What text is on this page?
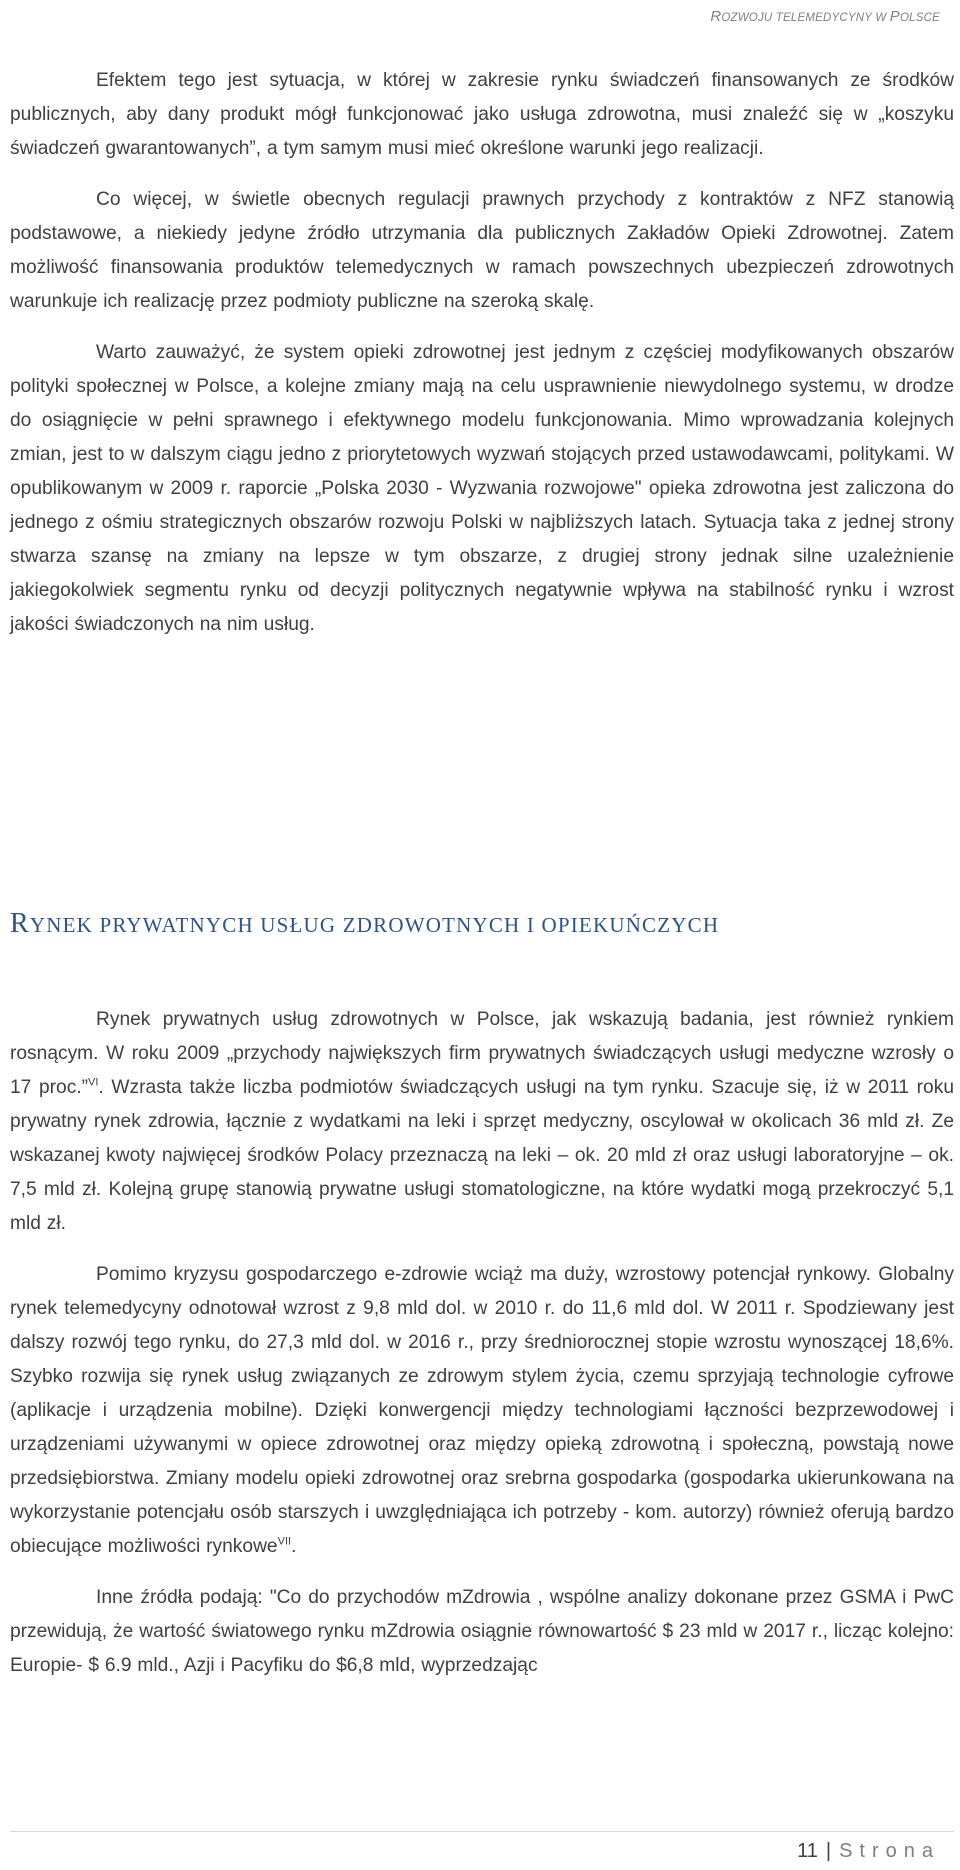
ROZWOJU TELEMEDYCYNY W POLSCE

Efektem tego jest sytuacja, w której w zakresie rynku świadczeń finansowanych ze środków publicznych, aby dany produkt mógł funkcjonować jako usługa zdrowotna, musi znaleźć się w „koszyku świadczeń gwarantowanych”, a tym samym musi mieć określone warunki jego realizacji.

Co więcej, w świetle obecnych regulacji prawnych przychody z kontraktów z NFZ stanowią podstawowe, a niekiedy jedyne źródło utrzymania dla publicznych Zakładów Opieki Zdrowotnej. Zatem możliwość finansowania produktów telemedycznych w ramach powszechnych ubezpieczeń zdrowotnych warunkuje ich realizację przez podmioty publiczne na szeroką skalę.

Warto zauważyć, że system opieki zdrowotnej jest jednym z częściej modyfikowanych obszarów polityki społecznej w Polsce, a kolejne zmiany mają na celu usprawnienie niewydolnego systemu, w drodze do osiągnięcie w pełni sprawnego i efektywnego modelu funkcjonowania. Mimo wprowadzania kolejnych zmian, jest to w dalszym ciągu jedno z priorytetowych wyzwań stojących przed ustawodawcami, politykami. W opublikowanym w 2009 r. raporcie „Polska 2030 - Wyzwania rozwojowe" opieka zdrowotna jest zaliczona do jednego z ośmiu strategicznych obszarów rozwoju Polski w najbliższych latach. Sytuacja taka z jednej strony stwarza szansę na zmiany na lepsze w tym obszarze, z drugiej strony jednak silne uzależnienie jakiegokolwiek segmentu rynku od decyzji politycznych negatywnie wpływa na stabilność rynku i wzrost jakości świadczonych na nim usług.

RYNEK PRYWATNYCH USŁUG ZDROWOTNYCH I OPIEKUŃCZYCH

Rynek prywatnych usług zdrowotnych w Polsce, jak wskazują badania, jest również rynkiem rosnącym. W roku 2009 „przychody największych firm prywatnych świadczących usługi medyczne wzrosły o 17 proc.”$^{VI}$. Wzrasta także liczba podmiotów świadczących usługi na tym rynku. Szacuje się, iż w 2011 roku prywatny rynek zdrowia, łącznie z wydatkami na leki i sprzęt medyczny, oscylował w okolicach 36 mld zł. Ze wskazanej kwoty najwięcej środków Polacy przeznaczą na leki – ok. 20 mld zł oraz usługi laboratoryjne – ok. 7,5 mld zł. Kolejną grupę stanowią prywatne usługi stomatologiczne, na które wydatki mogą przekroczyć 5,1 mld zł.

Pomimo kryzysu gospodarczego e-zdrowie wciąż ma duży, wzrostowy potencjał rynkowy. Globalny rynek telemedycyny odnotował wzrost z 9,8 mld dol. w 2010 r. do 11,6 mld dol. W 2011 r. Spodziewany jest dalszy rozwój tego rynku, do 27,3 mld dol. w 2016 r., przy średniorocznej stopie wzrostu wynoszącej 18,6%. Szybko rozwija się rynek usług związanych ze zdrowym stylem życia, czemu sprzyjają technologie cyfrowe (aplikacje i urządzenia mobilne). Dzięki konwergencji między technologiami łączności bezprzewodowej i urządzeniami używanymi w opiece zdrowotnej oraz między opieką zdrowotną i społeczną, powstają nowe przedsiębiorstwa. Zmiany modelu opieki zdrowotnej oraz srebrna gospodarka (gospodarka ukierunkowana na wykorzystanie potencjału osób starszych i uwzględniająca ich potrzeby - kom. autorzy) również oferują bardzo obiecujące możliwości rynkowe$^{VII}$.

Inne źródła podają: "Co do przychodów mZdrowia , wspólne analizy dokonane przez GSMA i PwC przewidują, że wartość światowego rynku mZdrowia osiągnie równowartość $ 23 mld w 2017 r., licząc kolejno: Europie- $ 6.9 mld., Azji i Pacyfiku do $6,8 mld, wyprzedzając

11 | Strona
